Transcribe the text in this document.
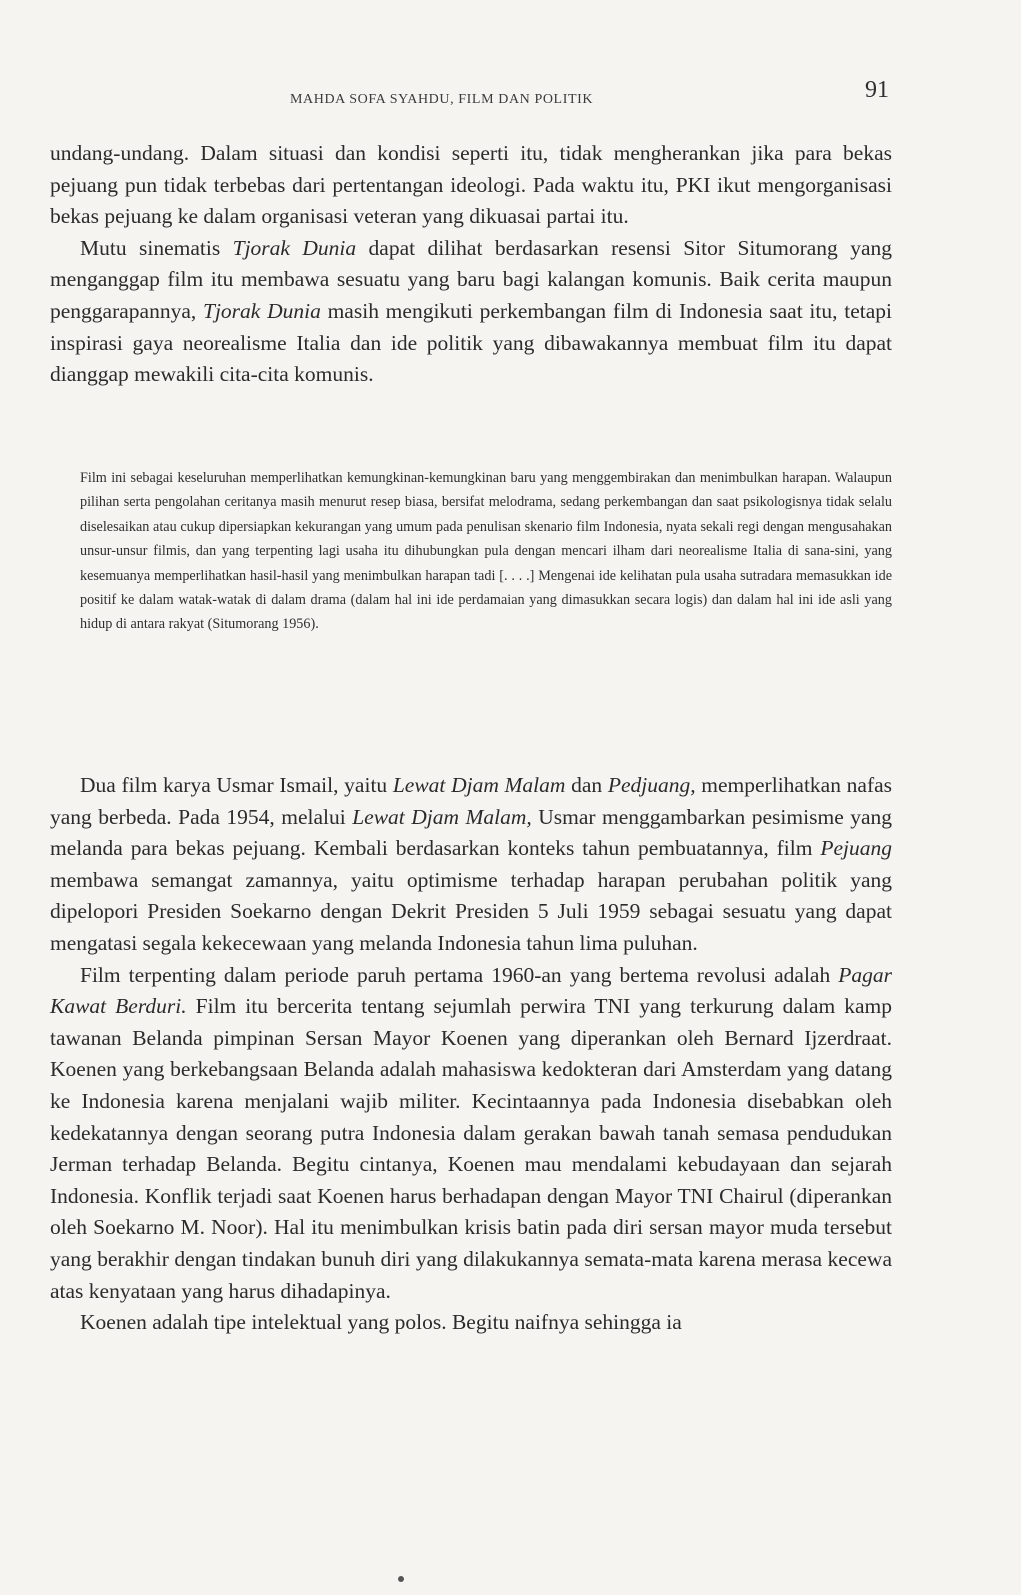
MAHDA SOFA SYAHDU, FILM DAN POLITIK	91

undang-undang. Dalam situasi dan kondisi seperti itu, tidak mengherankan jika para bekas pejuang pun tidak terbebas dari pertentangan ideologi. Pada waktu itu, PKI ikut mengorganisasi bekas pejuang ke dalam organisasi veteran yang dikuasai partai itu.

Mutu sinematis Tjorak Dunia dapat dilihat berdasarkan resensi Sitor Situmorang yang menganggap film itu membawa sesuatu yang baru bagi kalangan komunis. Baik cerita maupun penggarapannya, Tjorak Dunia masih mengikuti perkembangan film di Indonesia saat itu, tetapi inspirasi gaya neorealisme Italia dan ide politik yang dibawakannya membuat film itu dapat dianggap mewakili cita-cita komunis.

Film ini sebagai keseluruhan memperlihatkan kemungkinan-kemungkinan baru yang menggembirakan dan menimbulkan harapan. Walaupun pilihan serta pengolahan ceritanya masih menurut resep biasa, bersifat melodrama, sedang perkembangan dan saat psikologisnya tidak selalu diselesaikan atau cukup dipersiapkan kekurangan yang umum pada penulisan skenario film Indonesia, nyata sekali regi dengan mengusahakan unsur-unsur filmis, dan yang terpenting lagi usaha itu dihubungkan pula dengan mencari ilham dari neorealisme Italia di sana-sini, yang kesemuanya memperlihatkan hasil-hasil yang menimbulkan harapan tadi [. . . .] Mengenai ide kelihatan pula usaha sutradara memasukkan ide positif ke dalam watak-watak di dalam drama (dalam hal ini ide perdamaian yang dimasukkan secara logis) dan dalam hal ini ide asli yang hidup di antara rakyat (Situmorang 1956).

Dua film karya Usmar Ismail, yaitu Lewat Djam Malam dan Pedjuang, memperlihatkan nafas yang berbeda. Pada 1954, melalui Lewat Djam Malam, Usmar menggambarkan pesimisme yang melanda para bekas pejuang. Kembali berdasarkan konteks tahun pembuatannya, film Pejuang membawa semangat zamannya, yaitu optimisme terhadap harapan perubahan politik yang dipelopori Presiden Soekarno dengan Dekrit Presiden 5 Juli 1959 sebagai sesuatu yang dapat mengatasi segala kekecewaan yang melanda Indonesia tahun lima puluhan.

Film terpenting dalam periode paruh pertama 1960-an yang bertema revolusi adalah Pagar Kawat Berduri. Film itu bercerita tentang sejumlah perwira TNI yang terkurung dalam kamp tawanan Belanda pimpinan Sersan Mayor Koenen yang diperankan oleh Bernard Ijzerdraat. Koenen yang berkebangsaan Belanda adalah mahasiswa kedokteran dari Amsterdam yang datang ke Indonesia karena menjalani wajib militer. Kecintaannya pada Indonesia disebabkan oleh kedekatannya dengan seorang putra Indonesia dalam gerakan bawah tanah semasa pendudukan Jerman terhadap Belanda. Begitu cintanya, Koenen mau mendalami kebudayaan dan sejarah Indonesia. Konflik terjadi saat Koenen harus berhadapan dengan Mayor TNI Chairul (diperankan oleh Soekarno M. Noor). Hal itu menimbulkan krisis batin pada diri sersan mayor muda tersebut yang berakhir dengan tindakan bunuh diri yang dilakukannya semata-mata karena merasa kecewa atas kenyataan yang harus dihadapinya.

Koenen adalah tipe intelektual yang polos. Begitu naifnya sehingga ia
